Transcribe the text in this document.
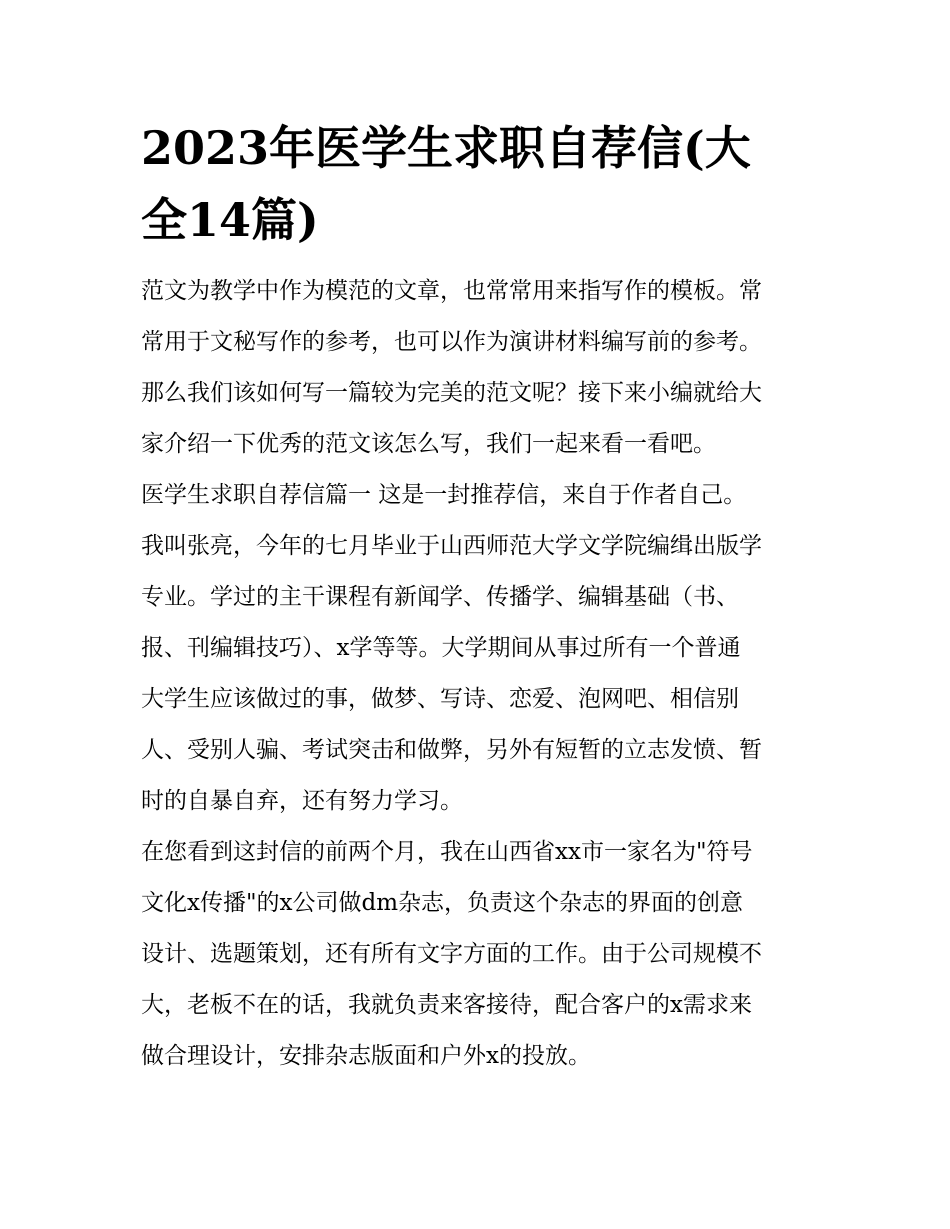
2023年医学生求职自荐信(大
全14篇)

范文为教学中作为模范的文章，也常常用来指写作的模板。常
常用于文秘写作的参考，也可以作为演讲材料编写前的参考。
那么我们该如何写一篇较为完美的范文呢？接下来小编就给大
家介绍一下优秀的范文该怎么写，我们一起来看一看吧。

医学生求职自荐信篇一 这是一封推荐信，来自于作者自己。
我叫张亮，今年的七月毕业于山西师范大学文学院编缉出版学
专业。学过的主干课程有新闻学、传播学、编辑基础（书、
报、刊编辑技巧）、x学等等。大学期间从事过所有一个普通
大学生应该做过的事，做梦、写诗、恋爱、泡网吧、相信别
人、受别人骗、考试突击和做弊，另外有短暂的立志发愤、暂
时的自暴自弃，还有努力学习。

在您看到这封信的前两个月，我在山西省xx市一家名为"符号
文化x传播"的x公司做dm杂志，负责这个杂志的界面的创意
设计、选题策划，还有所有文字方面的工作。由于公司规模不
大，老板不在的话，我就负责来客接待，配合客户的x需求来
做合理设计，安排杂志版面和户外x的投放。
